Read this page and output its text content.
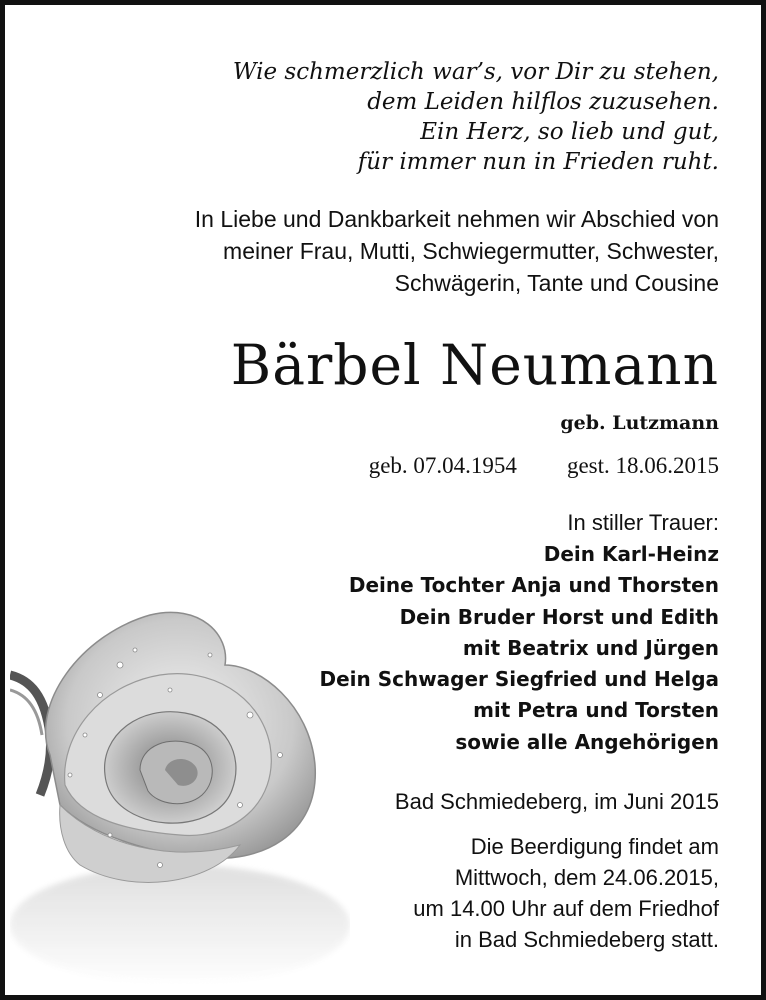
Wie schmerzlich war’s, vor Dir zu stehen,
dem Leiden hilflos zuzusehen.
Ein Herz, so lieb und gut,
für immer nun in Frieden ruht.
In Liebe und Dankbarkeit nehmen wir Abschied von
meiner Frau, Mutti, Schwiegermutter, Schwester,
Schwägerin, Tante und Cousine
Bärbel Neumann
geb. Lutzmann
geb. 07.04.1954 gest. 18.06.2015
In stiller Trauer:
Dein Karl-Heinz
Deine Tochter Anja und Thorsten
Dein Bruder Horst und Edith
mit Beatrix und Jürgen
Dein Schwager Siegfried und Helga
mit Petra und Torsten
sowie alle Angehörigen
Bad Schmiedeberg, im Juni 2015
Die Beerdigung findet am
Mittwoch, dem 24.06.2015,
um 14.00 Uhr auf dem Friedhof
in Bad Schmiedeberg statt.
